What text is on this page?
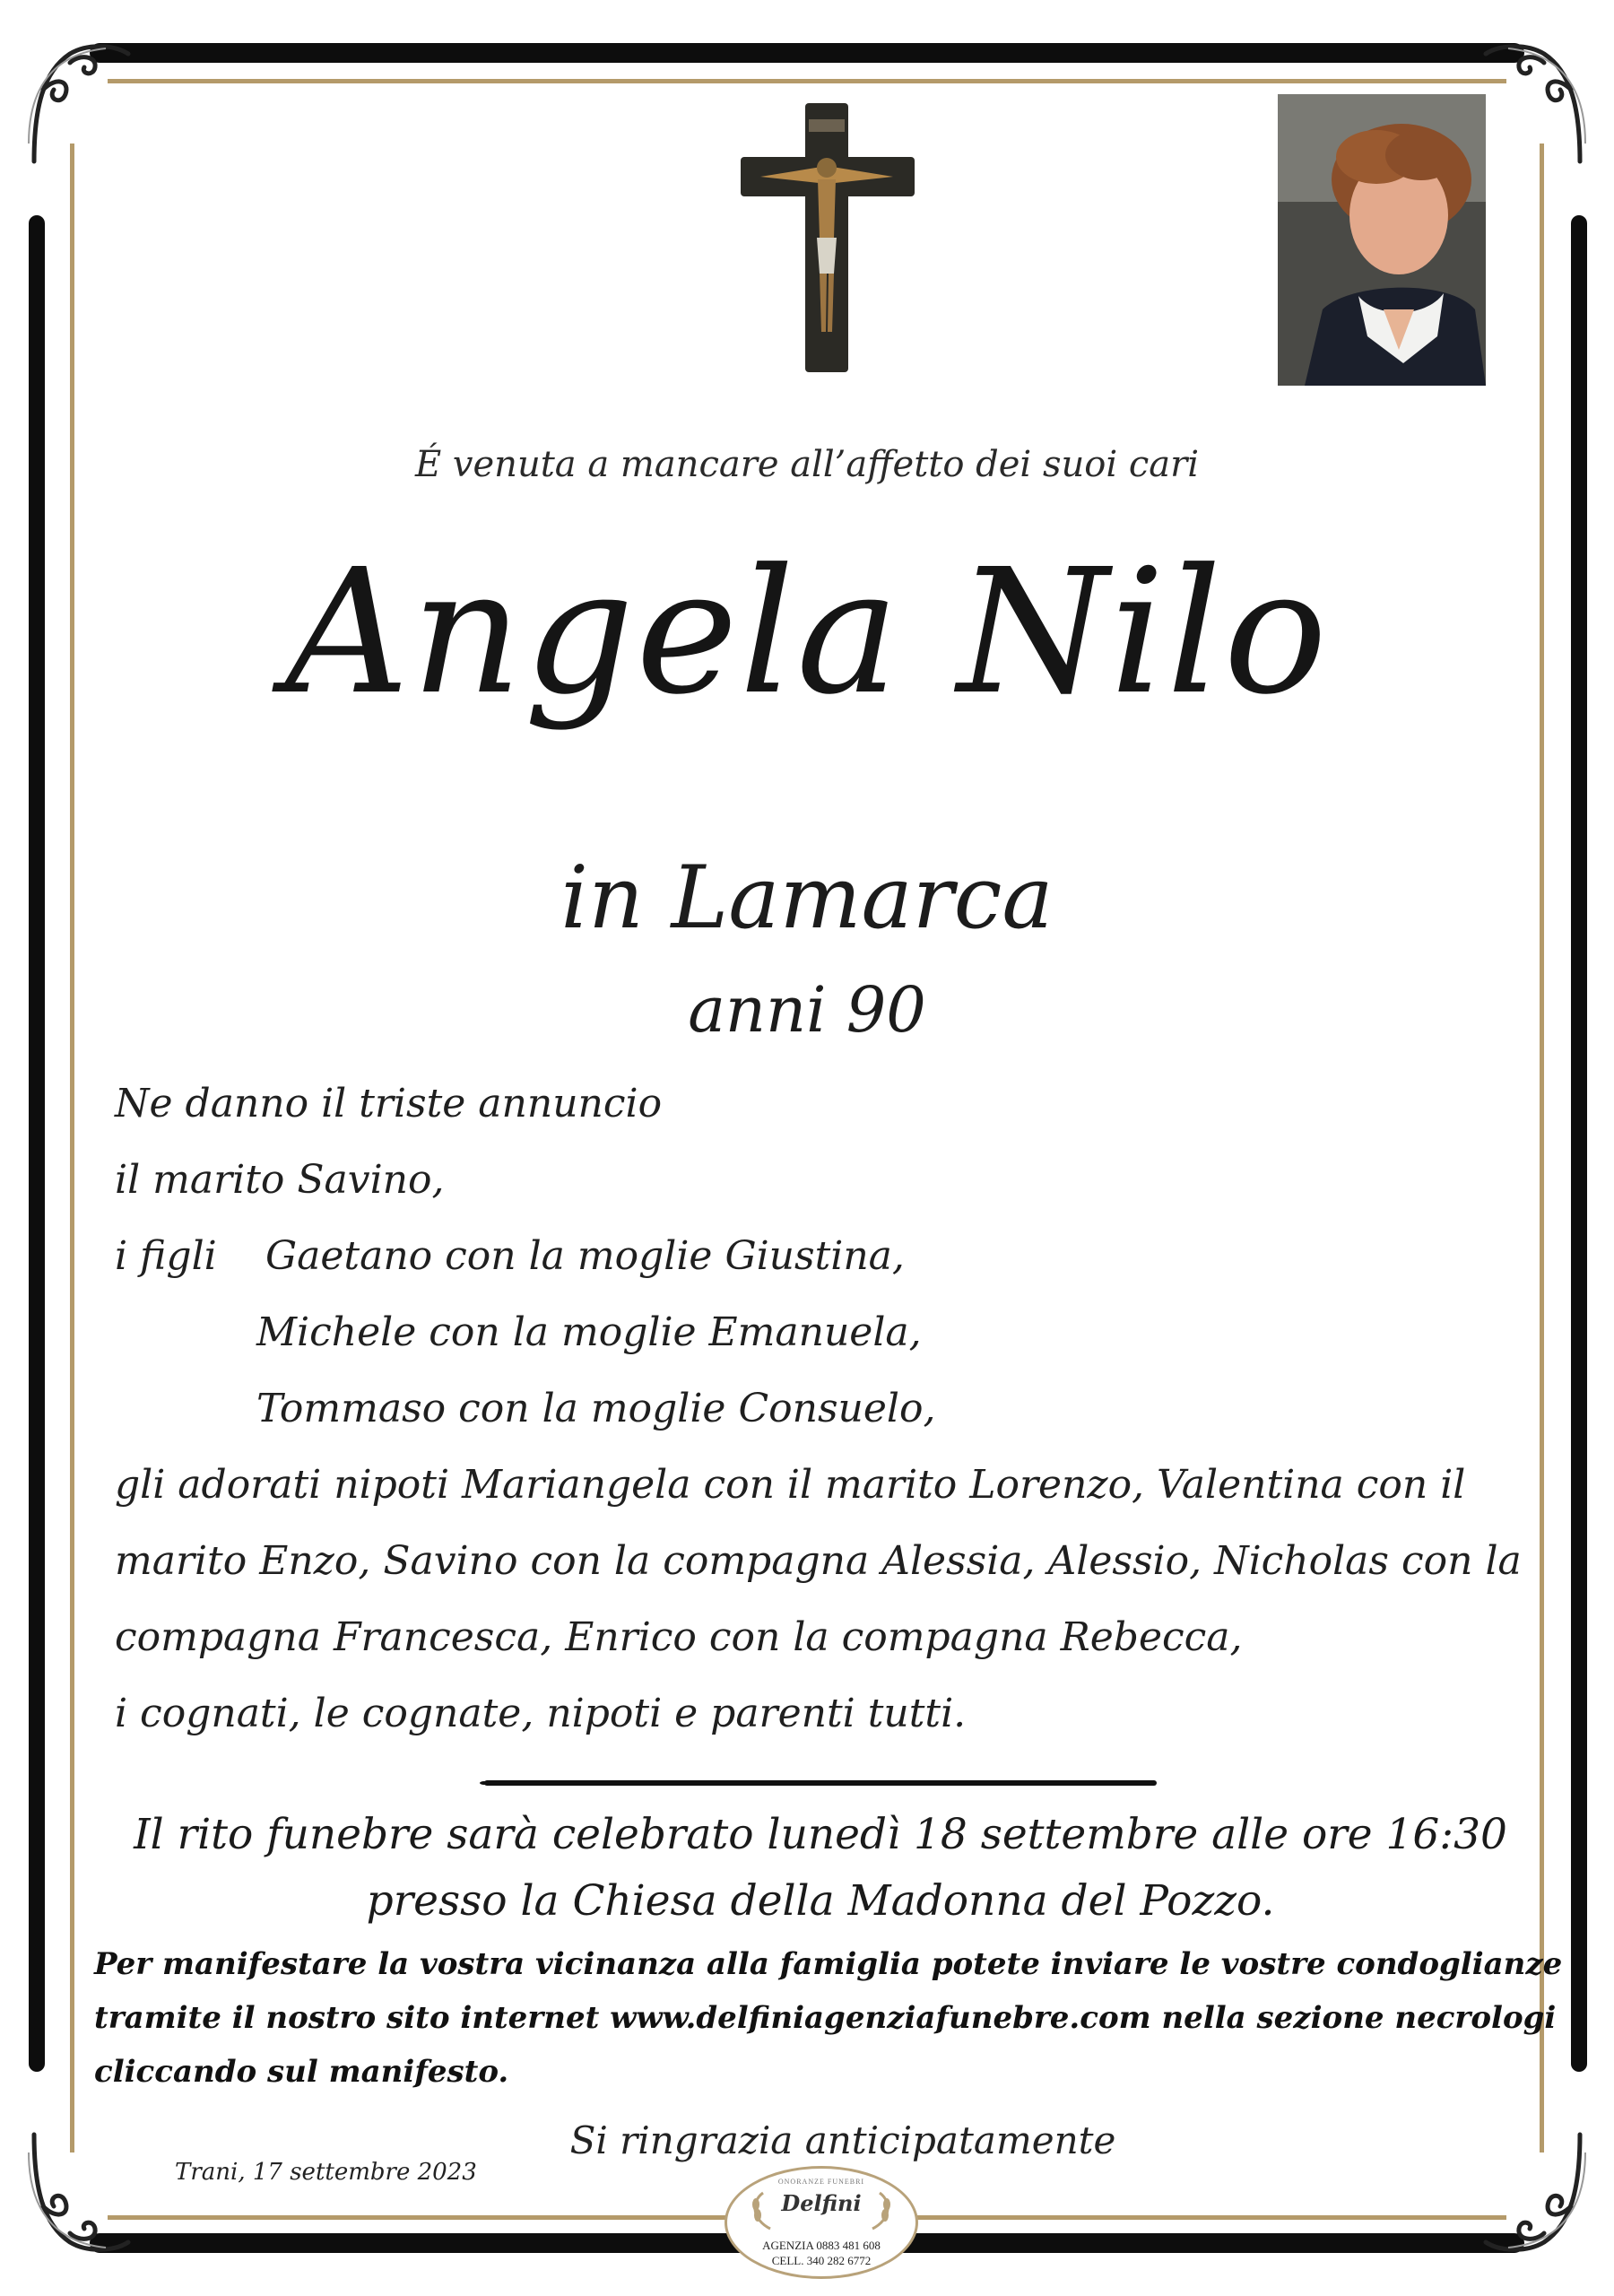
É venuta a mancare all’affetto dei suoi cari
Angela Nilo
in Lamarca
anni 90
Ne danno il triste annuncio
il marito Savino,
i figli Gaetano con la moglie Giustina,
Michele con la moglie Emanuela,
Tommaso con la moglie Consuelo,
gli adorati nipoti Mariangela con il marito Lorenzo, Valentina con il
marito Enzo, Savino con la compagna Alessia, Alessio, Nicholas con la
compagna Francesca, Enrico con la compagna Rebecca,
i cognati, le cognate, nipoti e parenti tutti.
Il rito funebre sarà celebrato lunedì 18 settembre alle ore 16:30
presso la Chiesa della Madonna del Pozzo.
Per manifestare la vostra vicinanza alla famiglia potete inviare le vostre condoglianze
tramite il nostro sito internet www.delfiniagenziafunebre.com nella sezione necrologi
cliccando sul manifesto.
Si ringrazia anticipatamente
Trani, 17 settembre 2023	ONORANZE FUNEBRI
Delfini
AGENZIA 0883 481 608
CELL. 340 282 6772
